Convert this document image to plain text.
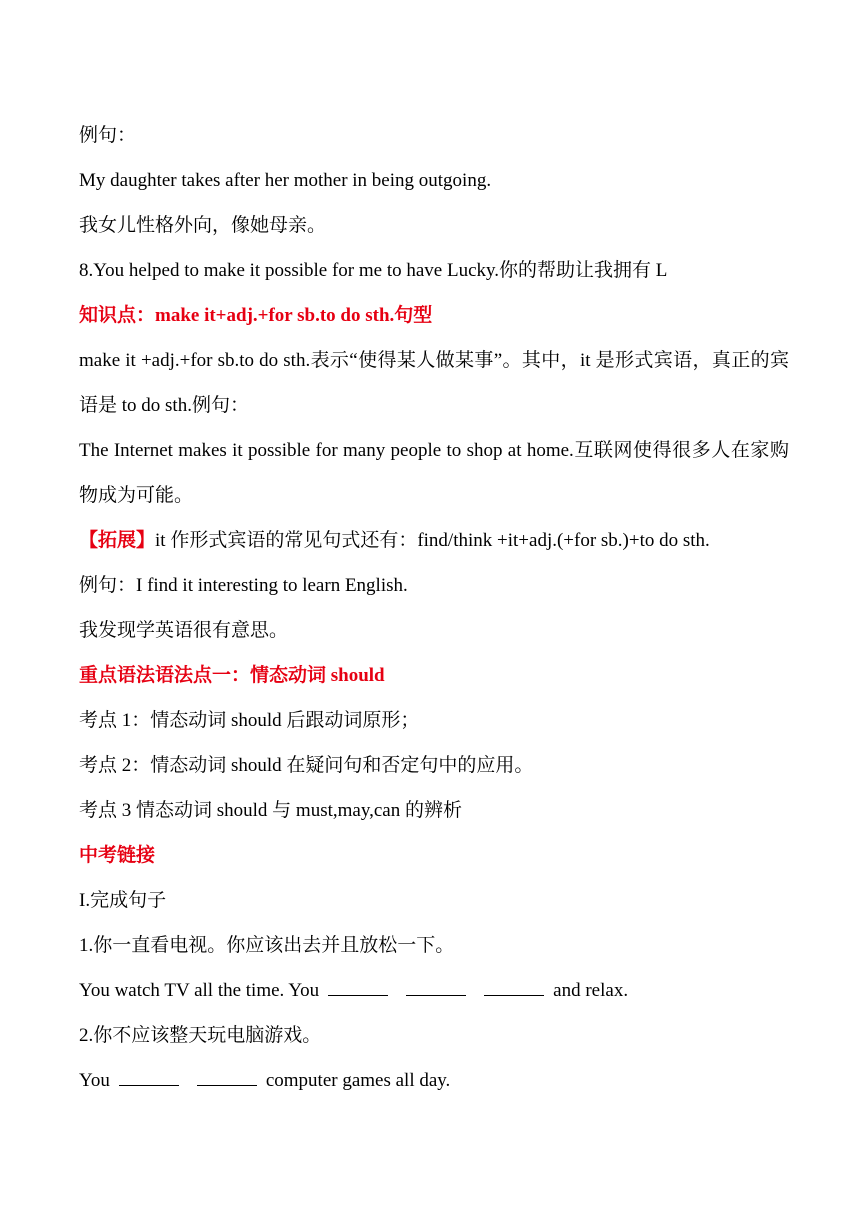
例句：
My daughter takes after her mother in being outgoing.
我女儿性格外向，像她母亲。
8.You helped to make it possible for me to have Lucky.你的帮助让我拥有 L
知识点：make it+adj.+for sb.to do sth.句型
make it +adj.+for sb.to do sth.表示“使得某人做某事”。其中，it 是形式宾语，真正的宾语是 to do sth.例句：
The Internet makes it possible for many people to shop at home.互联网使得很多人在家购物成为可能。
【拓展】it 作形式宾语的常见句式还有：find/think +it+adj.(+for sb.)+to do sth.
例句：I find it interesting to learn English.
我发现学英语很有意思。
重点语法语法点一：情态动词 should
考点 1：情态动词 should 后跟动词原形；
考点 2：情态动词 should 在疑问句和否定句中的应用。
考点 3 情态动词 should 与 must,may,can 的辨析
中考链接
I.完成句子
1.你一直看电视。你应该出去并且放松一下。
You watch TV all the time. You	and relax.
2.你不应该整天玩电脑游戏。
You	computer games all day.
